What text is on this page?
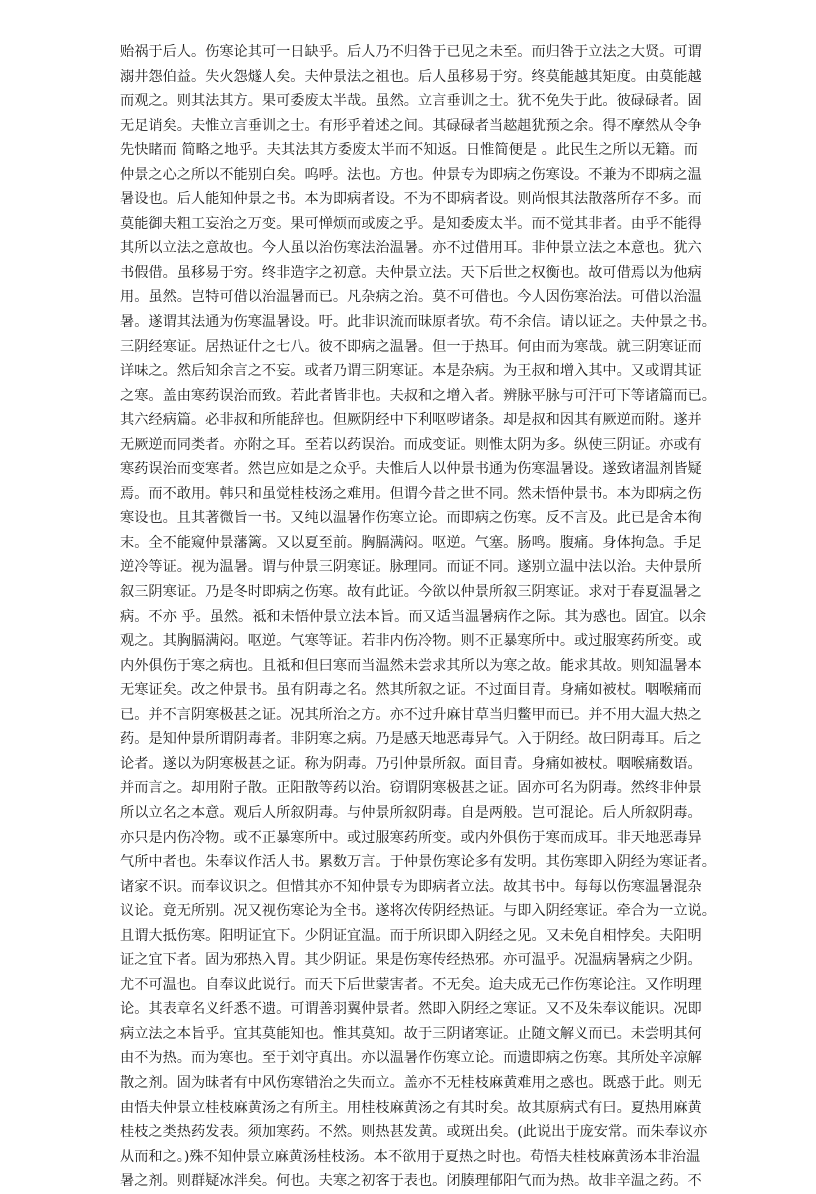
贻祸于后人。伤寒论其可一日缺乎。后人乃不归咎于已见之未至。而归咎于立法之大贤。可谓
溺井怨伯益。失火怨燧人矣。夫仲景法之祖也。后人虽移易于穷。终莫能越其矩度。由莫能越
而观之。则其法其方。果可委废太半哉。虽然。立言垂训之士。犹不免失于此。彼碌碌者。固
无足诮矣。夫惟立言垂训之士。有形乎着述之间。其碌碌者当趑趄犹预之余。得不摩然从令争
先快睹而 简略之地乎。夫其法其方委废太半而不知返。日惟简便是 。此民生之所以无籍。而
仲景之心之所以不能别白矣。呜呼。法也。方也。仲景专为即病之伤寒设。不兼为不即病之温
暑设也。后人能知仲景之书。本为即病者设。不为不即病者设。则尚恨其法散落所存不多。而
莫能御夫粗工妄治之万变。果可惮烦而或废之乎。是知委废太半。而不觉其非者。由乎不能得
其所以立法之意故也。今人虽以治伤寒法治温暑。亦不过借用耳。非仲景立法之本意也。犹六
书假借。虽移易于穷。终非造字之初意。夫仲景立法。天下后世之权衡也。故可借焉以为他病
用。虽然。岂特可借以治温暑而已。凡杂病之治。莫不可借也。今人因伤寒治法。可借以治温
暑。遂谓其法通为伤寒温暑设。吁。此非识流而昧原者欤。苟不余信。请以证之。夫仲景之书。
三阴经寒证。居热证什之七八。彼不即病之温暑。但一于热耳。何由而为寒哉。就三阴寒证而
详味之。然后知余言之不妄。或者乃谓三阴寒证。本是杂病。为王叔和增入其中。又或谓其证
之寒。盖由寒药误治而致。若此者皆非也。夫叔和之增入者。辨脉平脉与可汗可下等诸篇而已。
其六经病篇。必非叔和所能辞也。但厥阴经中下利呕哕诸条。却是叔和因其有厥逆而附。遂并
无厥逆而同类者。亦附之耳。至若以药误治。而成变证。则惟太阴为多。纵使三阴证。亦或有
寒药误治而变寒者。然岂应如是之众乎。夫惟后人以仲景书通为伤寒温暑设。遂致诸温剂皆疑
焉。而不敢用。韩只和虽觉桂枝汤之难用。但谓今昔之世不同。然未悟仲景书。本为即病之伤
寒设也。且其著微旨一书。又纯以温暑作伤寒立论。而即病之伤寒。反不言及。此已是舍本徇
末。全不能窥仲景藩篱。又以夏至前。胸膈满闷。呕逆。气塞。肠鸣。腹痛。身体拘急。手足
逆冷等证。视为温暑。谓与仲景三阴寒证。脉理同。而证不同。遂别立温中法以治。夫仲景所
叙三阴寒证。乃是冬时即病之伤寒。故有此证。今欲以仲景所叙三阴寒证。求对于春夏温暑之
病。不亦 乎。虽然。祗和未悟仲景立法本旨。而又适当温暑病作之际。其为惑也。固宜。以余
观之。其胸膈满闷。呕逆。气寒等证。若非内伤冷物。则不正暴寒所中。或过服寒药所变。或
内外俱伤于寒之病也。且祗和但曰寒而当温然未尝求其所以为寒之故。能求其故。则知温暑本
无寒证矣。改之仲景书。虽有阴毒之名。然其所叙之证。不过面目青。身痛如被杖。咽喉痛而
已。并不言阴寒极甚之证。况其所治之方。亦不过升麻甘草当归鳖甲而已。并不用大温大热之
药。是知仲景所谓阴毒者。非阴寒之病。乃是感天地恶毒异气。入于阴经。故曰阴毒耳。后之
论者。遂以为阴寒极甚之证。称为阴毒。乃引仲景所叙。面目青。身痛如被杖。咽喉痛数语。
并而言之。却用附子散。正阳散等药以治。窃谓阴寒极甚之证。固亦可名为阴毒。然终非仲景
所以立名之本意。观后人所叙阴毒。与仲景所叙阴毒。自是两般。岂可混论。后人所叙阴毒。
亦只是内伤冷物。或不正暴寒所中。或过服寒药所变。或内外俱伤于寒而成耳。非天地恶毒异
气所中者也。朱奉议作活人书。累数万言。于仲景伤寒论多有发明。其伤寒即入阴经为寒证者。
诸家不识。而奉议识之。但惜其亦不知仲景专为即病者立法。故其书中。每每以伤寒温暑混杂
议论。竟无所别。况又视伤寒论为全书。遂将次传阴经热证。与即入阴经寒证。牵合为一立说。
且谓大抵伤寒。阳明证宜下。少阴证宜温。而于所识即入阴经之见。又未免自相悖矣。夫阳明
证之宜下者。固为邪热入胃。其少阴证。果是伤寒传经热邪。亦可温乎。况温病暑病之少阴。
尤不可温也。自奉议此说行。而天下后世蒙害者。不无矣。迨夫成无己作伤寒论注。又作明理
论。其表章名义纤悉不遗。可谓善羽翼仲景者。然即入阴经之寒证。又不及朱奉议能识。况即
病立法之本旨乎。宜其莫能知也。惟其莫知。故于三阴诸寒证。止随文解义而已。未尝明其何
由不为热。而为寒也。至于刘守真出。亦以温暑作伤寒立论。而遗即病之伤寒。其所处辛凉解
散之剂。固为昧者有中风伤寒错治之失而立。盖亦不无桂枝麻黄难用之惑也。既惑于此。则无
由悟夫仲景立桂枝麻黄汤之有所主。用桂枝麻黄汤之有其时矣。故其原病式有曰。夏热用麻黄
桂枝之类热药发表。须加寒药。不然。则热甚发黄。或斑出矣。(此说出于庞安常。而朱奉议亦
从而和之。)殊不知仲景立麻黄汤桂枝汤。本不欲用于夏热之时也。苟悟夫桂枝麻黄汤本非治温
暑之剂。则群疑冰泮矣。何也。夫寒之初客于表也。闭腠理郁阳气而为热。故非辛温之药。不
